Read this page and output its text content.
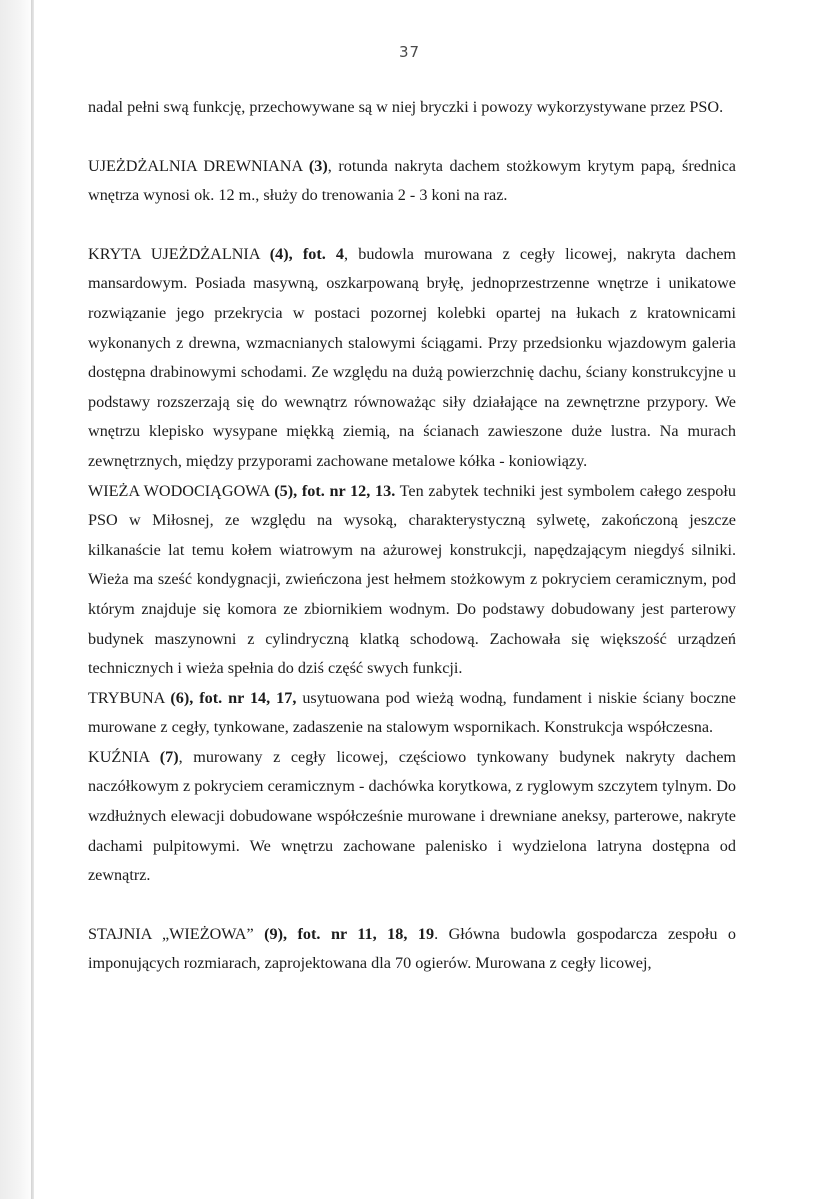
37

nadal pełni swą funkcję, przechowywane są w niej bryczki i powozy wykorzystywane przez PSO.

UJEŻDŻALNIA DREWNIANA (3), rotunda nakryta dachem stożkowym krytym papą, średnica wnętrza wynosi ok. 12 m., służy do trenowania 2 - 3 koni na raz.

KRYTA UJEŻDŻALNIA (4), fot. 4, budowla murowana z cegły licowej, nakryta dachem mansardowym. Posiada masywną, oszkarpowaną bryłę, jednoprzestrzenne wnętrze i unikatowe rozwiązanie jego przekrycia w postaci pozornej kolebki opartej na łukach z kratownicami wykonanych z drewna, wzmacnianych stalowymi ściągami. Przy przedsionku wjazdowym galeria dostępna drabinowymi schodami. Ze względu na dużą powierzchnię dachu, ściany konstrukcyjne u podstawy rozszerzają się do wewnątrz równoważąc siły działające na zewnętrzne przypory. We wnętrzu klepisko wysypane miękką ziemią, na ścianach zawieszone duże lustra. Na murach zewnętrznych, między przyporami zachowane metalowe kółka - koniowiązy.

WIEŻA WODOCIĄGOWA (5), fot. nr 12, 13. Ten zabytek techniki jest symbolem całego zespołu PSO w Miłosnej, ze względu na wysoką, charakterystyczną sylwetę, zakończoną jeszcze kilkanaście lat temu kołem wiatrowym na ażurowej konstrukcji, napędzającym niegdyś silniki. Wieża ma sześć kondygnacji, zwieńczona jest hełmem stożkowym z pokryciem ceramicznym, pod którym znajduje się komora ze zbiornikiem wodnym. Do podstawy dobudowany jest parterowy budynek maszynowni z cylindryczną klatką schodową. Zachowała się większość urządzeń technicznych i wieża spełnia do dziś część swych funkcji.

TRYBUNA (6), fot. nr 14, 17, usytuowana pod wieżą wodną, fundament i niskie ściany boczne murowane z cegły, tynkowane, zadaszenie na stalowym wspornikach. Konstrukcja współczesna.

KUŹNIA (7), murowany z cegły licowej, częściowo tynkowany budynek nakryty dachem naczółkowym z pokryciem ceramicznym - dachówka korytkowa, z ryglowym szczytem tylnym. Do wzdłużnych elewacji dobudowane współcześnie murowane i drewniane aneksy, parterowe, nakryte dachami pulpitowymi. We wnętrzu zachowane palenisko i wydzielona latryna dostępna od zewnątrz.

STAJNIA „WIEŻOWA” (9), fot. nr 11, 18, 19. Główna budowla gospodarcza zespołu o imponujących rozmiarach, zaprojektowana dla 70 ogierów. Murowana z cegły licowej,
